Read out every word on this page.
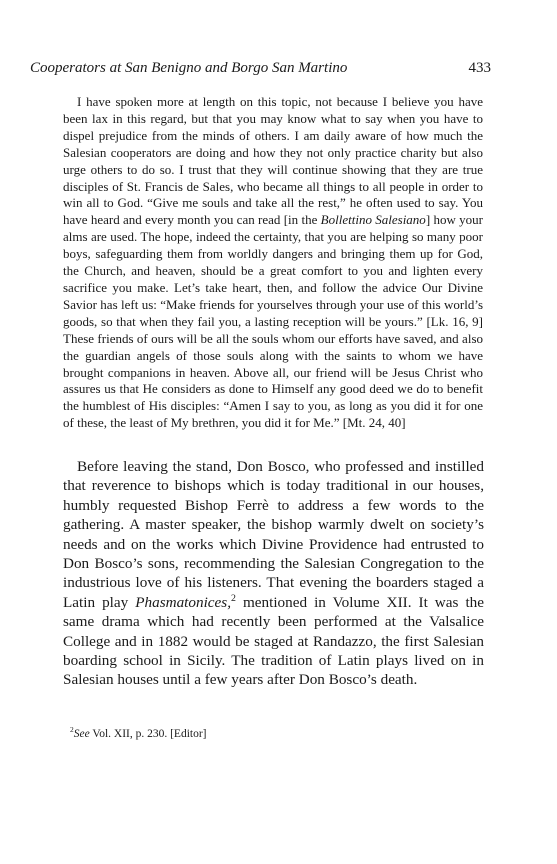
Cooperators at San Benigno and Borgo San Martino	433

I have spoken more at length on this topic, not because I believe you have been lax in this regard, but that you may know what to say when you have to dispel prejudice from the minds of others. I am daily aware of how much the Salesian cooperators are doing and how they not only practice charity but also urge others to do so. I trust that they will continue showing that they are true disciples of St. Francis de Sales, who became all things to all people in order to win all to God. “Give me souls and take all the rest,” he often used to say. You have heard and every month you can read [in the Bollettino Salesiano] how your alms are used. The hope, indeed the certainty, that you are helping so many poor boys, safeguarding them from worldly dangers and bringing them up for God, the Church, and heaven, should be a great comfort to you and lighten every sacrifice you make. Let’s take heart, then, and follow the advice Our Divine Savior has left us: “Make friends for yourselves through your use of this world’s goods, so that when they fail you, a lasting reception will be yours.” [Lk. 16, 9] These friends of ours will be all the souls whom our efforts have saved, and also the guardian angels of those souls along with the saints to whom we have brought companions in heaven. Above all, our friend will be Jesus Christ who assures us that He considers as done to Himself any good deed we do to benefit the humblest of His disciples: “Amen I say to you, as long as you did it for one of these, the least of My brethren, you did it for Me.” [Mt. 24, 40]

Before leaving the stand, Don Bosco, who professed and instilled that reverence to bishops which is today traditional in our houses, humbly requested Bishop Ferrè to address a few words to the gathering. A master speaker, the bishop warmly dwelt on society’s needs and on the works which Divine Providence had entrusted to Don Bosco’s sons, recommending the Salesian Congregation to the industrious love of his listeners. That evening the boarders staged a Latin play Phasmatonices,$^2$ mentioned in Volume XII. It was the same drama which had recently been performed at the Valsalice College and in 1882 would be staged at Randazzo, the first Salesian boarding school in Sicily. The tradition of Latin plays lived on in Salesian houses until a few years after Don Bosco’s death.

$^2$See Vol. XII, p. 230. [Editor]
